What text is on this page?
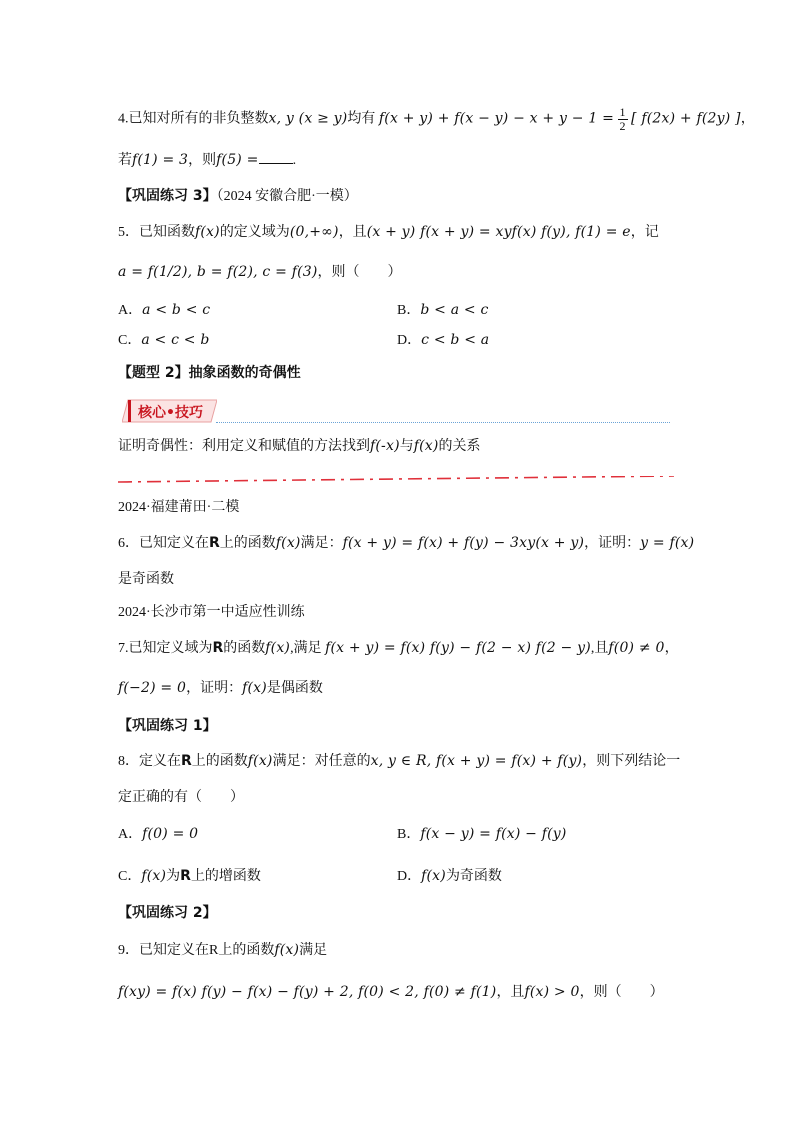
4.已知对所有的非负整数x, y (x ≥ y)均有 $f(x + y) + f(x - y) - x + y - 1 = \frac{1}{2}$ [ f(2x) + f(2y) ]，
若f(1) = 3，则f(5) = .
【巩固练习 3】（2024 安徽合肥·一模）
5．已知函数f(x)的定义域为(0,+∞)，且(x + y) f(x + y) = xyf(x) f(y), f(1) = e，记
a = f(1/2), b = f(2), c = f(3)，则（　　）
A．a < b < c	B．b < a < c
C．a < c < b	D．c < b < a
【题型 2】抽象函数的奇偶性
核心•技巧
证明奇偶性：利用定义和赋值的方法找到f(-x)与f(x)的关系
2024·福建莆田·二模
6．已知定义在R上的函数f(x)满足：f(x + y) = f(x) + f(y) − 3xy(x + y)，证明：y = f(x)
是奇函数
2024·长沙市第一中适应性训练
7.已知定义域为R的函数f(x),满足 f(x + y) = f(x) f(y) − f(2 − x) f(2 − y),且f(0) ≠ 0，
f(−2) = 0，证明：f(x)是偶函数
【巩固练习 1】
8．定义在R上的函数f(x)满足：对任意的x, y ∈ R, f(x + y) = f(x) + f(y)，则下列结论一
定正确的有（　　）
A．f(0) = 0	B．f(x − y) = f(x) − f(y)
C．f(x)为R上的增函数	D．f(x)为奇函数
【巩固练习 2】
9．已知定义在R上的函数f(x)满足
f(xy) = f(x) f(y) − f(x) − f(y) + 2, f(0) < 2, f(0) ≠ f(1)，且f(x) > 0，则（　　）
